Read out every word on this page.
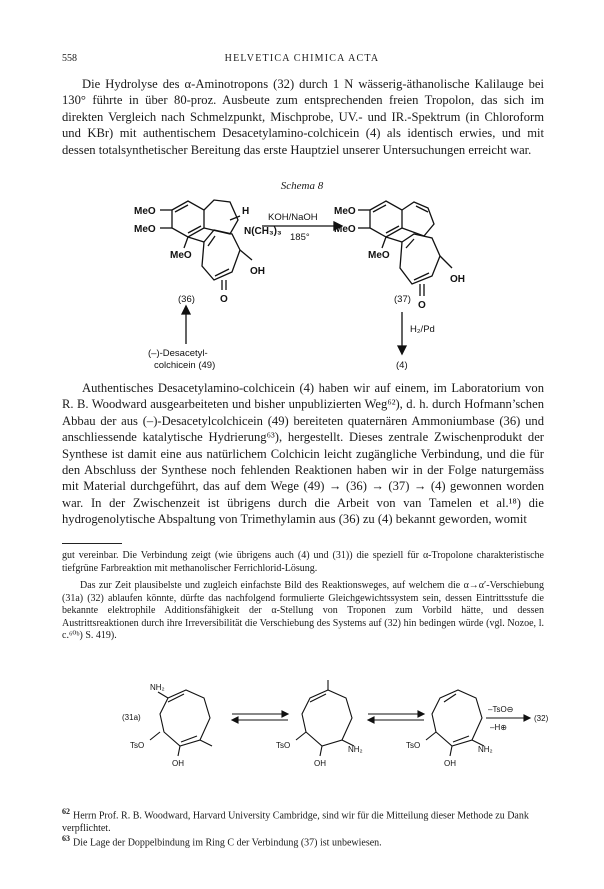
558	HELVETICA CHIMICA ACTA

Die Hydrolyse des α-Aminotropons (32) durch 1 N wässerig-äthanolische Kalilauge bei 130° führte in über 80-proz. Ausbeute zum entsprechenden freien Tropolon, das sich im direkten Vergleich nach Schmelzpunkt, Mischprobe, UV.- und IR.-Spektrum (in Chloroform und KBr) mit authentischem Desacetylamino-colchicein (4) als identisch erwies, und mit dessen totalsynthetischer Bereitung das erste Hauptziel unserer Untersuchungen erreicht war.

Schema 8
MeO
MeO
MeO
H
N(CH₃)₃
OH
O
MeO
MeO
MeO
OH
O
KOH/NaOH
185°
(36)	(37)
(–)-Desacetyl-
colchicein (49)
H₂/Pd
(4)

Authentisches Desacetylamino-colchicein (4) haben wir auf einem, im Laboratorium von R. B. Woodward ausgearbeiteten und bisher unpublizierten Weg⁶²), d. h. durch Hofmann’schen Abbau der aus (–)-Desacetylcolchicein (49) bereiteten quaternären Ammoniumbase (36) und anschliessende katalytische Hydrierung⁶³), hergestellt. Dieses zentrale Zwischenprodukt der Synthese ist damit eine aus natürlichem Colchicin leicht zugängliche Verbindung, und die für den Abschluss der Synthese noch fehlenden Reaktionen haben wir in der Folge naturgemäss mit Material durchgeführt, das auf dem Wege (49) → (36) → (37) → (4) gewonnen worden war. In der Zwischenzeit ist übrigens durch die Arbeit von van Tamelen et al.¹⁸) die hydrogenolytische Abspaltung von Trimethylamin aus (36) zu (4) bekannt geworden, womit

gut vereinbar. Die Verbindung zeigt (wie übrigens auch (4) und (31)) die speziell für α-Tropolone charakteristische tiefgrüne Farbreaktion mit methanolischer Ferrichlorid-Lösung.

Das zur Zeit plausibelste und zugleich einfachste Bild des Reaktionsweges, auf welchem die α→α′-Verschiebung (31a) (32) ablaufen könnte, dürfte das nachfolgend formulierte Gleichgewichtssystem sein, dessen Eintrittsstufe die bekannte elektrophile Additionsfähigkeit der α-Stellung von Troponen zum Vorbild hätte, und dessen Austrittsreaktionen durch ihre Irreversibilität die Verschiebung des Systems auf (32) hin bedingen würde (vgl. Nozoe, l. c.⁶⁰ᵇ) S. 419).

(31a)
NH₂
TsO
OH
NH₂
TsO
OH
NH₂
TsO
OH
–TsO⊖
–H⊕
(32)
$^{62}$ Herrn Prof. R. B. Woodward, Harvard University Cambridge, sind wir für die Mitteilung dieser Methode zu Dank verpflichtet.
$^{63}$ Die Lage der Doppelbindung im Ring C der Verbindung (37) ist unbewiesen.
